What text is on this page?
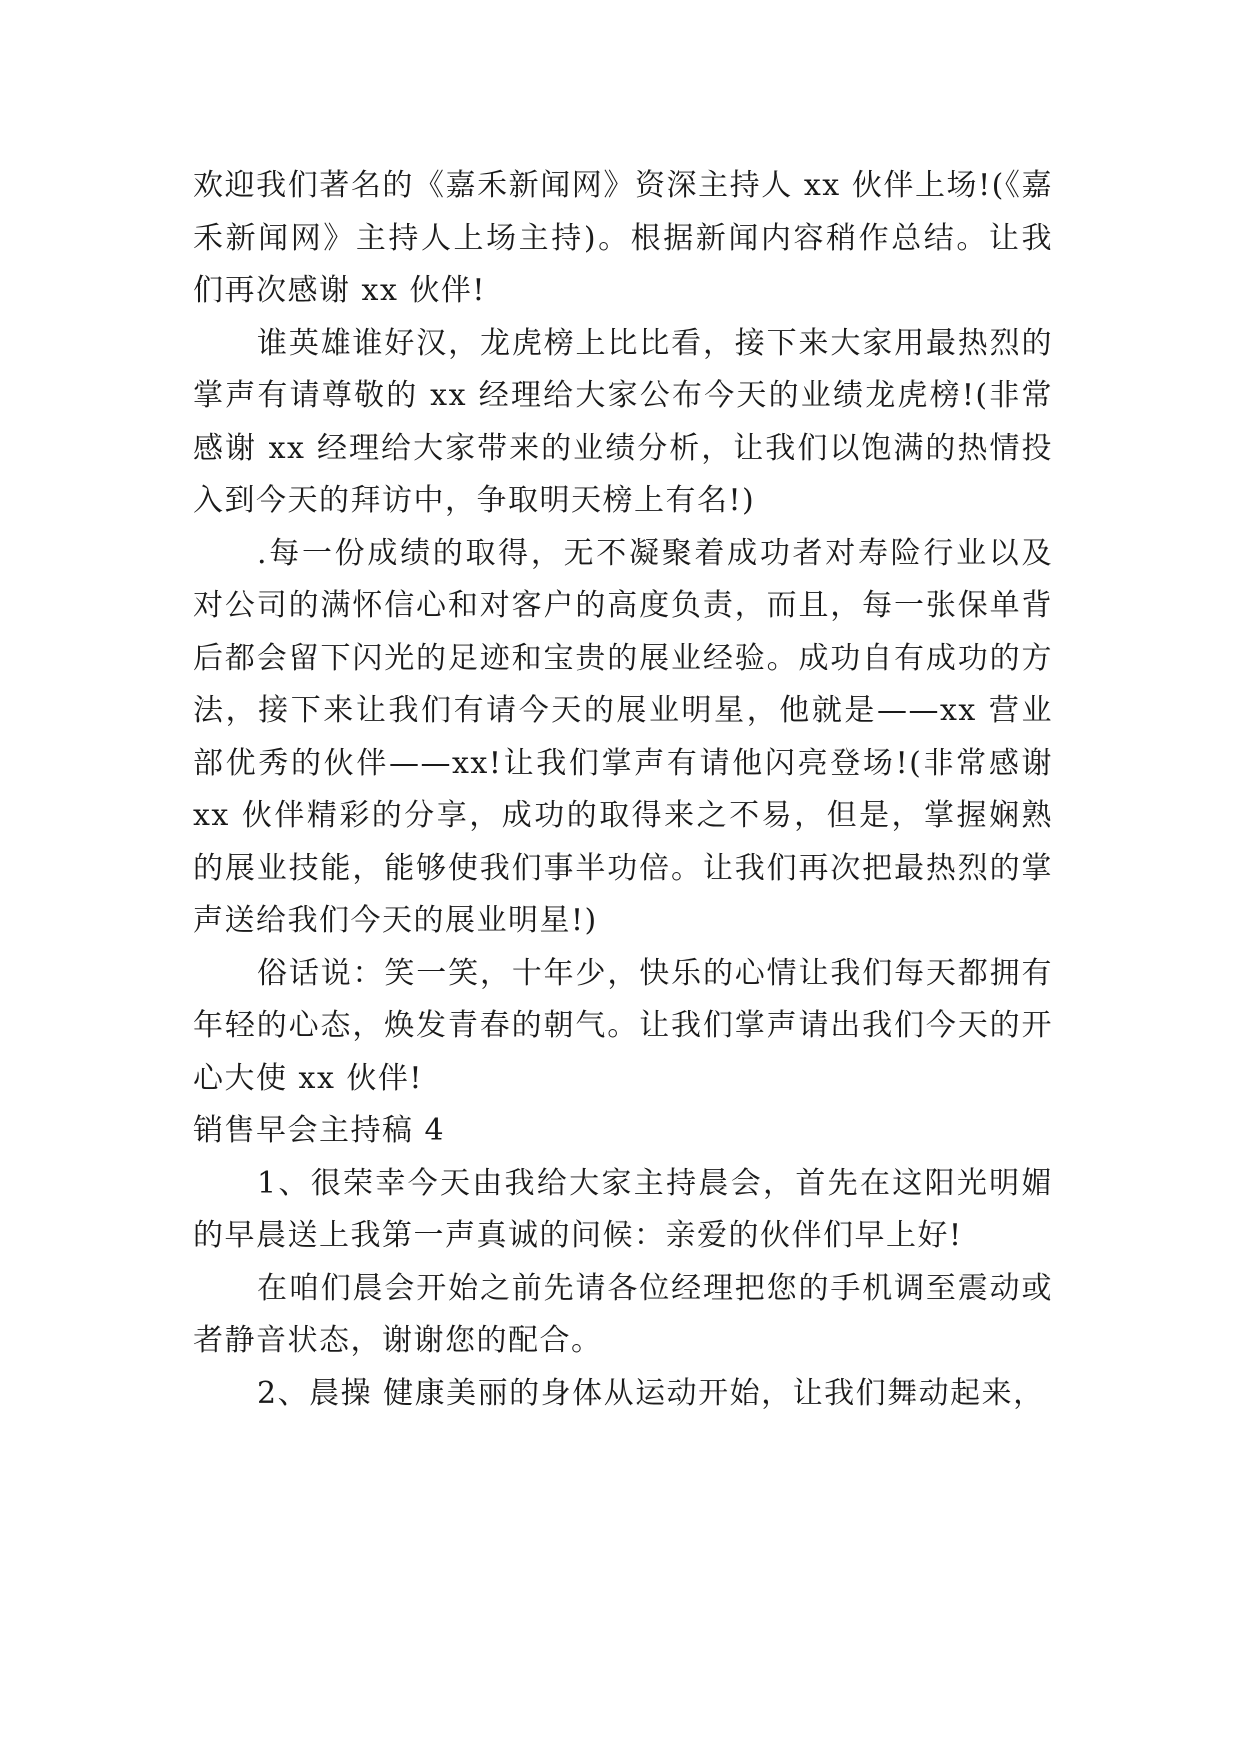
欢迎我们著名的《嘉禾新闻网》资深主持人 xx 伙伴上场!(《嘉禾新闻网》主持人上场主持)。根据新闻内容稍作总结。让我们再次感谢 xx 伙伴!

谁英雄谁好汉，龙虎榜上比比看，接下来大家用最热烈的掌声有请尊敬的 xx 经理给大家公布今天的业绩龙虎榜!(非常感谢 xx 经理给大家带来的业绩分析，让我们以饱满的热情投入到今天的拜访中，争取明天榜上有名!)

.每一份成绩的取得，无不凝聚着成功者对寿险行业以及对公司的满怀信心和对客户的高度负责，而且，每一张保单背后都会留下闪光的足迹和宝贵的展业经验。成功自有成功的方法，接下来让我们有请今天的展业明星，他就是——xx 营业部优秀的伙伴——xx!让我们掌声有请他闪亮登场!(非常感谢 xx 伙伴精彩的分享，成功的取得来之不易，但是，掌握娴熟的展业技能，能够使我们事半功倍。让我们再次把最热烈的掌声送给我们今天的展业明星!)

俗话说：笑一笑，十年少，快乐的心情让我们每天都拥有年轻的心态，焕发青春的朝气。让我们掌声请出我们今天的开心大使 xx 伙伴!

销售早会主持稿 4

1、很荣幸今天由我给大家主持晨会，首先在这阳光明媚的早晨送上我第一声真诚的问候：亲爱的伙伴们早上好!

在咱们晨会开始之前先请各位经理把您的手机调至震动或者静音状态，谢谢您的配合。

2、晨操 健康美丽的身体从运动开始，让我们舞动起来，
